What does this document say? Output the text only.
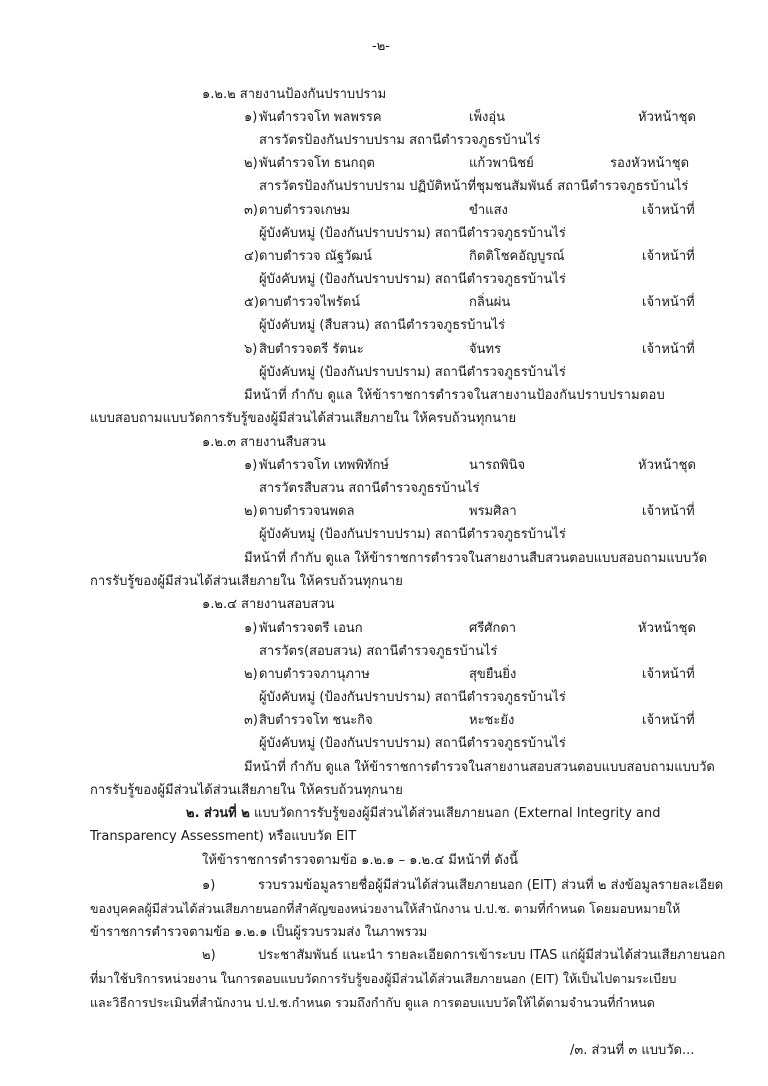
-๒-
๑.๒.๒ สายงานป้องกันปราบปราม
๑) พันตำรวจโท พลพรรค	เพ็งอุ่น	หัวหน้าชุด
สารวัตรป้องกันปราบปราม สถานีตำรวจภูธรบ้านไร่
๒) พันตำรวจโท ธนกฤต	แก้วพานิชย์	รองหัวหน้าชุด
สารวัตรป้องกันปราบปราม ปฏิบัติหน้าที่ชุมชนสัมพันธ์ สถานีตำรวจภูธรบ้านไร่
๓) ดาบตำรวจเกษม	ขำแสง	เจ้าหน้าที่
ผู้บังคับหมู่ (ป้องกันปราบปราม) สถานีตำรวจภูธรบ้านไร่
๔) ดาบตำรวจ ณัฐวัฒน์	กิตติโชคอัญบูรณ์	เจ้าหน้าที่
ผู้บังคับหมู่ (ป้องกันปราบปราม) สถานีตำรวจภูธรบ้านไร่
๕) ดาบตำรวจไพรัตน์	กลิ่นผ่น	เจ้าหน้าที่
ผู้บังคับหมู่ (สืบสวน) สถานีตำรวจภูธรบ้านไร่
๖) สิบตำรวจตรี รัตนะ	จันทร	เจ้าหน้าที่
ผู้บังคับหมู่ (ป้องกันปราบปราม) สถานีตำรวจภูธรบ้านไร่
มีหน้าที่ กำกับ ดูแล ให้ข้าราชการตำรวจในสายงานป้องกันปราบปรามตอบ
แบบสอบถามแบบวัดการรับรู้ของผู้มีส่วนได้ส่วนเสียภายใน ให้ครบถ้วนทุกนาย
๑.๒.๓ สายงานสืบสวน
๑) พันตำรวจโท เทพพิทักษ์	นารถพินิจ	หัวหน้าชุด
สารวัตรสืบสวน สถานีตำรวจภูธรบ้านไร่
๒) ดาบตำรวจนพดล	พรมศิลา	เจ้าหน้าที่
ผู้บังคับหมู่ (ป้องกันปราบปราม) สถานีตำรวจภูธรบ้านไร่
มีหน้าที่ กำกับ ดูแล ให้ข้าราชการตำรวจในสายงานสืบสวนตอบแบบสอบถามแบบวัด
การรับรู้ของผู้มีส่วนได้ส่วนเสียภายใน ให้ครบถ้วนทุกนาย
๑.๒.๔ สายงานสอบสวน
๑) พันตำรวจตรี เอนก	ศรีศักดา	หัวหน้าชุด
สารวัตร(สอบสวน) สถานีตำรวจภูธรบ้านไร่
๒) ดาบตำรวจภานุภาษ	สุขยืนยิ่ง	เจ้าหน้าที่
ผู้บังคับหมู่ (ป้องกันปราบปราม) สถานีตำรวจภูธรบ้านไร่
๓) สิบตำรวจโท ชนะกิจ	หะชะยัง	เจ้าหน้าที่
ผู้บังคับหมู่ (ป้องกันปราบปราม) สถานีตำรวจภูธรบ้านไร่
มีหน้าที่ กำกับ ดูแล ให้ข้าราชการตำรวจในสายงานสอบสวนตอบแบบสอบถามแบบวัด
การรับรู้ของผู้มีส่วนได้ส่วนเสียภายใน ให้ครบถ้วนทุกนาย
๒. ส่วนที่ ๒ แบบวัดการรับรู้ของผู้มีส่วนได้ส่วนเสียภายนอก (External Integrity and
Transparency Assessment) หรือแบบวัด EIT
ให้ข้าราชการตำรวจตามข้อ ๑.๒.๑ – ๑.๒.๔ มีหน้าที่ ดังนี้
๑)	รวบรวมข้อมูลรายชื่อผู้มีส่วนได้ส่วนเสียภายนอก (EIT) ส่วนที่ ๒ ส่งข้อมูลรายละเอียด
ของบุคคลผู้มีส่วนได้ส่วนเสียภายนอกที่สำคัญของหน่วยงานให้สำนักงาน ป.ป.ช. ตามที่กำหนด โดยมอบหมายให้
ข้าราชการตำรวจตามข้อ ๑.๒.๑ เป็นผู้รวบรวมส่ง ในภาพรวม
๒)	ประชาสัมพันธ์ แนะนำ รายละเอียดการเข้าระบบ ITAS แก่ผู้มีส่วนได้ส่วนเสียภายนอก
ที่มาใช้บริการหน่วยงาน ในการตอบแบบวัดการรับรู้ของผู้มีส่วนได้ส่วนเสียภายนอก (EIT) ให้เป็นไปตามระเบียบ
และวิธีการประเมินที่สำนักงาน ป.ป.ช.กำหนด รวมถึงกำกับ ดูแล การตอบแบบวัดให้ได้ตามจำนวนที่กำหนด
/๓. ส่วนที่ ๓ แบบวัด...
